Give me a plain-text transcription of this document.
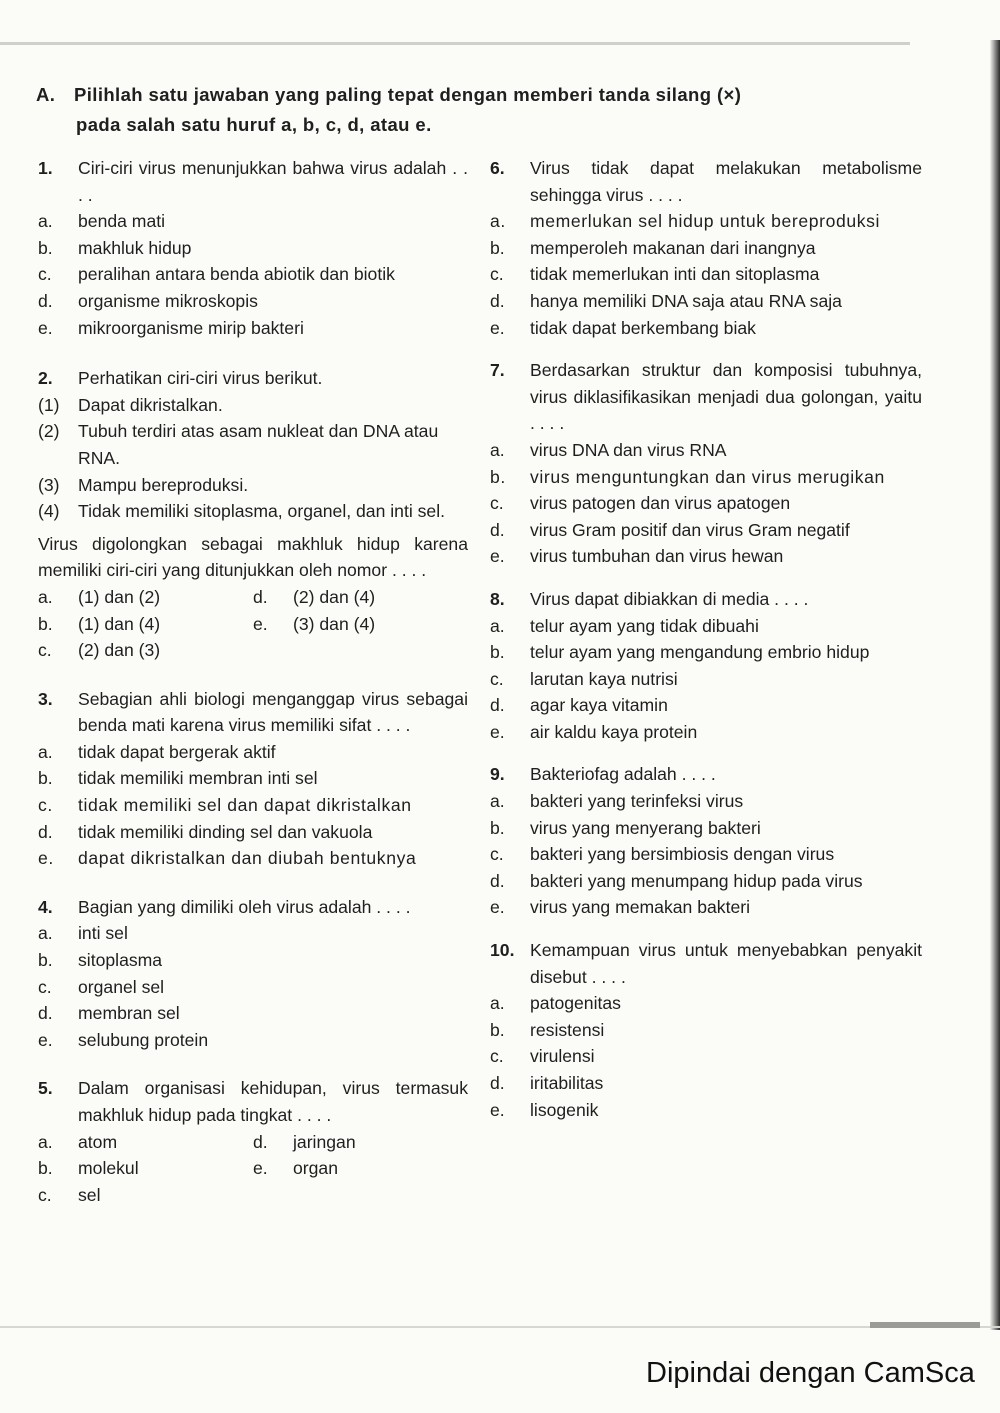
A. Pilihlah satu jawaban yang paling tepat dengan memberi tanda silang (×)
pada salah satu huruf a, b, c, d, atau e.
1. Ciri-ciri virus menunjukkan bahwa virus adalah . . . .
a. benda mati
b. makhluk hidup
c. peralihan antara benda abiotik dan biotik
d. organisme mikroskopis
e. mikroorganisme mirip bakteri
2. Perhatikan ciri-ciri virus berikut.
(1) Dapat dikristalkan.
(2) Tubuh terdiri atas asam nukleat dan DNA atau RNA.
(3) Mampu bereproduksi.
(4) Tidak memiliki sitoplasma, organel, dan inti sel.
Virus digolongkan sebagai makhluk hidup karena memiliki ciri-ciri yang ditunjukkan oleh nomor . . . .
a. (1) dan (2)	d. (2) dan (4)
b. (1) dan (4)	e. (3) dan (4)
c. (2) dan (3)
3. Sebagian ahli biologi menganggap virus sebagai benda mati karena virus memiliki sifat . . . .
a. tidak dapat bergerak aktif
b. tidak memiliki membran inti sel
c. tidak memiliki sel dan dapat dikristalkan
d. tidak memiliki dinding sel dan vakuola
e. dapat dikristalkan dan diubah bentuknya
4. Bagian yang dimiliki oleh virus adalah . . . .
a. inti sel
b. sitoplasma
c. organel sel
d. membran sel
e. selubung protein
5. Dalam organisasi kehidupan, virus termasuk makhluk hidup pada tingkat . . . .
a. atom	d. jaringan
b. molekul	e. organ
c. sel
6. Virus tidak dapat melakukan metabolisme sehingga virus . . . .
a. memerlukan sel hidup untuk bereproduksi
b. memperoleh makanan dari inangnya
c. tidak memerlukan inti dan sitoplasma
d. hanya memiliki DNA saja atau RNA saja
e. tidak dapat berkembang biak
7. Berdasarkan struktur dan komposisi tubuhnya, virus diklasifikasikan menjadi dua golongan, yaitu . . . .
a. virus DNA dan virus RNA
b. virus menguntungkan dan virus merugikan
c. virus patogen dan virus apatogen
d. virus Gram positif dan virus Gram negatif
e. virus tumbuhan dan virus hewan
8. Virus dapat dibiakkan di media . . . .
a. telur ayam yang tidak dibuahi
b. telur ayam yang mengandung embrio hidup
c. larutan kaya nutrisi
d. agar kaya vitamin
e. air kaldu kaya protein
9. Bakteriofag adalah . . . .
a. bakteri yang terinfeksi virus
b. virus yang menyerang bakteri
c. bakteri yang bersimbiosis dengan virus
d. bakteri yang menumpang hidup pada virus
e. virus yang memakan bakteri
10. Kemampuan virus untuk menyebabkan penyakit disebut . . . .
a. patogenitas
b. resistensi
c. virulensi
d. iritabilitas
e. lisogenik
Dipindai dengan CamSca
